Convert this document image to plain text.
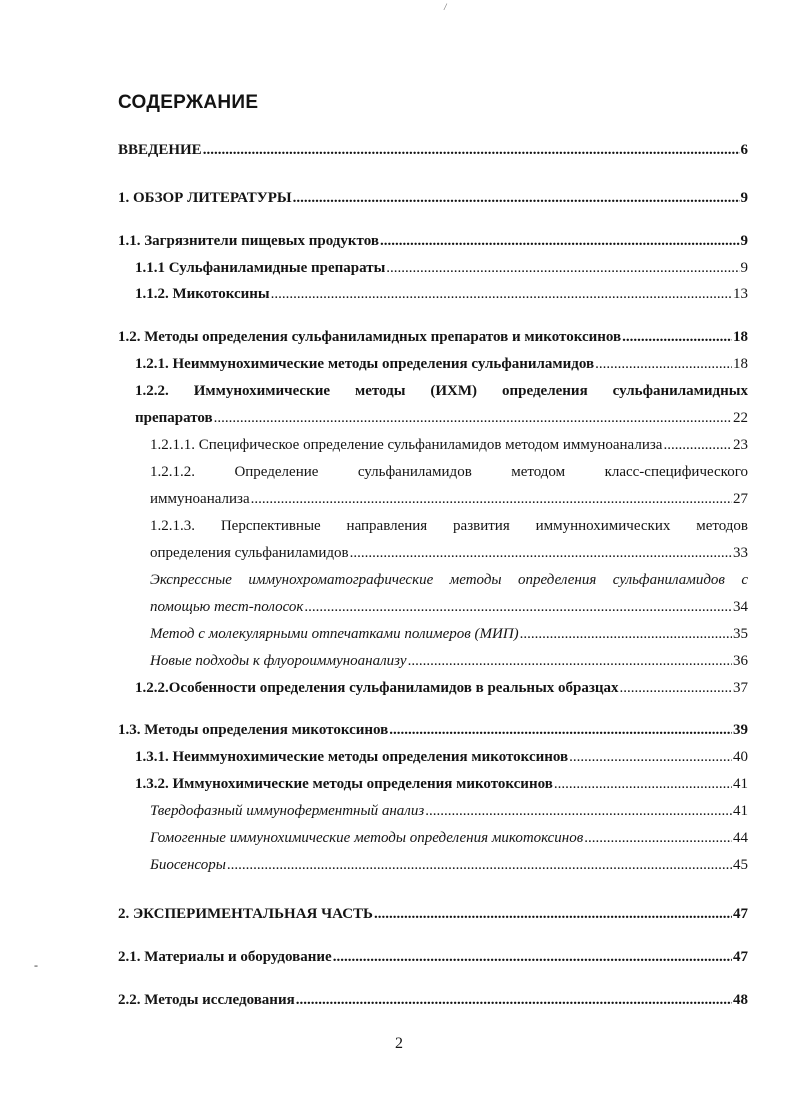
/
-
СОДЕРЖАНИЕ
ВВЕДЕНИЕ .....	6
1. ОБЗОР ЛИТЕРАТУРЫ .....	9
1.1. Загрязнители пищевых продуктов .....	9
1.1.1 Сульфаниламидные препараты .....	9
1.1.2. Микотоксины .....	13
1.2. Методы определения сульфаниламидных препаратов и микотоксинов .....	18
1.2.1. Неиммунохимические методы определения сульфаниламидов .....	18
1.2.2. Иммунохимические методы (ИХМ) определения сульфаниламидных
препаратов .....	22
1.2.1.1. Специфическое определение сульфаниламидов методом иммуноанализа .....	23
1.2.1.2. Определение сульфаниламидов методом класс-специфического
иммуноанализа .....	27
1.2.1.3. Перспективные направления развития иммуннохимических методов
определения сульфаниламидов .....	33
Экспрессные иммунохроматографические методы определения сульфаниламидов с
помощью тест-полосок .....	34
Метод с молекулярными отпечатками полимеров (МИП) .....	35
Новые подходы к флуороиммуноанализу .....	36
1.2.2.Особенности определения сульфаниламидов в реальных образцах .....	37
1.3. Методы определения микотоксинов .....	39
1.3.1. Неиммунохимические методы определения микотоксинов .....	40
1.3.2. Иммунохимические методы определения микотоксинов .....	41
Твердофазный иммуноферментный анализ .....	41
Гомогенные иммунохимические методы определения микотоксинов .....	44
Биосенсоры .....	45
2. ЭКСПЕРИМЕНТАЛЬНАЯ ЧАСТЬ .....	47
2.1. Материалы и оборудование .....	47
2.2. Методы исследования .....	48
2
